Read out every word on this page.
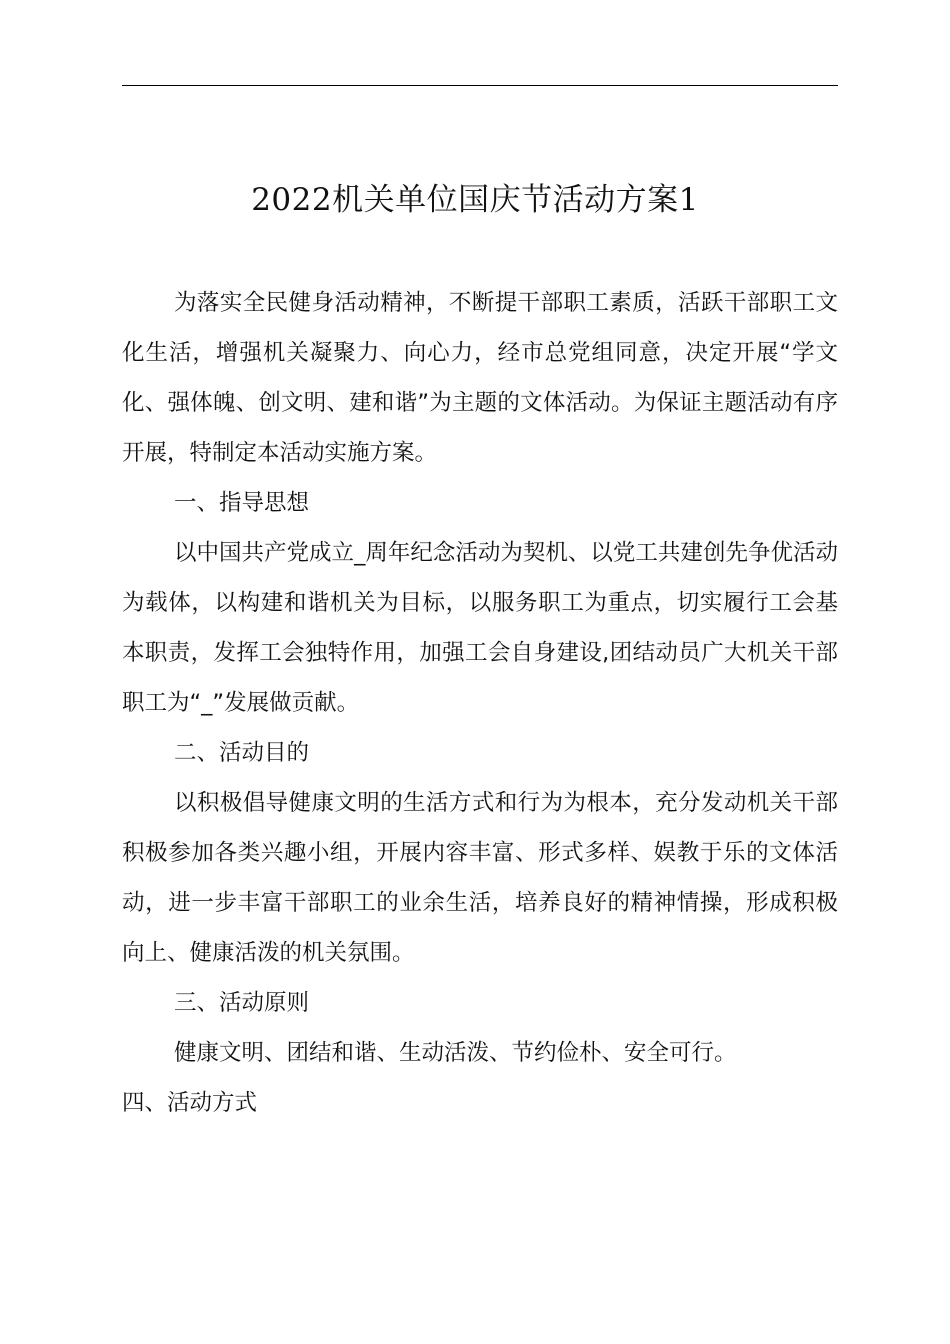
2022机关单位国庆节活动方案1

为落实全民健身活动精神，不断提干部职工素质，活跃干部职工文化生活，增强机关凝聚力、向心力，经市总党组同意，决定开展“学文化、强体魄、创文明、建和谐”为主题的文体活动。为保证主题活动有序开展，特制定本活动实施方案。

一、指导思想

以中国共产党成立_周年纪念活动为契机、以党工共建创先争优活动为载体，以构建和谐机关为目标，以服务职工为重点，切实履行工会基本职责，发挥工会独特作用，加强工会自身建设,团结动员广大机关干部职工为“_”发展做贡献。

二、活动目的

以积极倡导健康文明的生活方式和行为为根本，充分发动机关干部积极参加各类兴趣小组，开展内容丰富、形式多样、娱教于乐的文体活动，进一步丰富干部职工的业余生活，培养良好的精神情操，形成积极向上、健康活泼的机关氛围。

三、活动原则

健康文明、团结和谐、生动活泼、节约俭朴、安全可行。

四、活动方式
